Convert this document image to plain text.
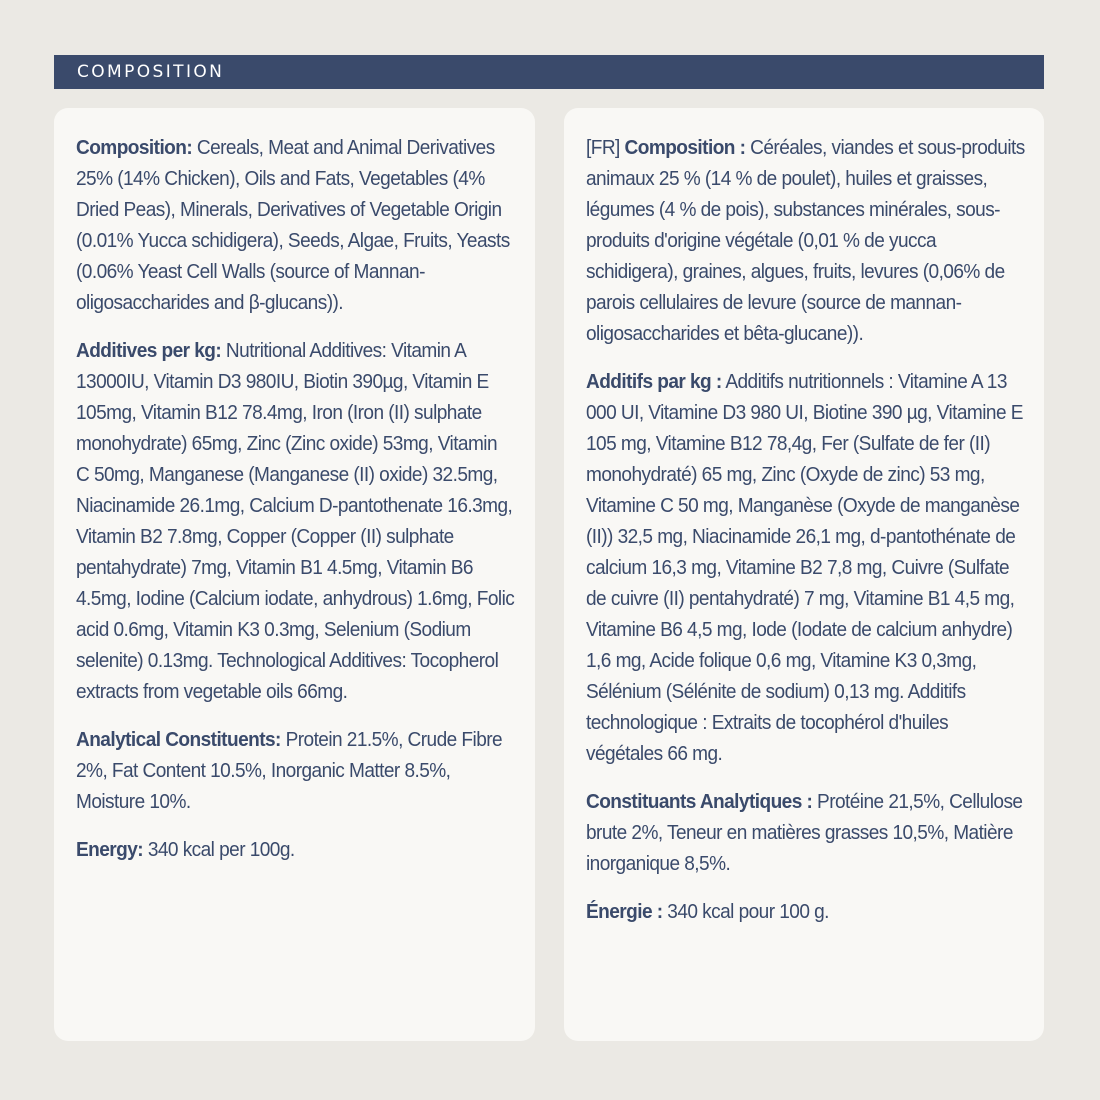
COMPOSITION

Composition: Cereals, Meat and Animal Derivatives 25% (14% Chicken), Oils and Fats, Vegetables (4% Dried Peas), Minerals, Derivatives of Vegetable Origin (0.01% Yucca schidigera), Seeds, Algae, Fruits, Yeasts (0.06% Yeast Cell Walls (source of Mannan-oligosaccharides and β-glucans)).

Additives per kg: Nutritional Additives: Vitamin A 13000IU, Vitamin D3 980IU, Biotin 390µg, Vitamin E 105mg, Vitamin B12 78.4mg, Iron (Iron (II) sulphate monohydrate) 65mg, Zinc (Zinc oxide) 53mg, Vitamin C 50mg, Manganese (Manganese (II) oxide) 32.5mg, Niacinamide 26.1mg, Calcium D-pantothenate 16.3mg, Vitamin B2 7.8mg, Copper (Copper (II) sulphate pentahydrate) 7mg, Vitamin B1 4.5mg, Vitamin B6 4.5mg, Iodine (Calcium iodate, anhydrous) 1.6mg, Folic acid 0.6mg, Vitamin K3 0.3mg, Selenium (Sodium selenite) 0.13mg. Technological Additives: Tocopherol extracts from vegetable oils 66mg.

Analytical Constituents: Protein 21.5%, Crude Fibre 2%, Fat Content 10.5%, Inorganic Matter 8.5%, Moisture 10%.

Energy: 340 kcal per 100g.

[FR] Composition : Céréales, viandes et sous-produits animaux 25 % (14 % de poulet), huiles et graisses, légumes (4 % de pois), substances minérales, sous-produits d'origine végétale (0,01 % de yucca schidigera), graines, algues, fruits, levures (0,06% de parois cellulaires de levure (source de mannan-oligosaccharides et bêta-glucane)).

Additifs par kg : Additifs nutritionnels : Vitamine A 13 000 UI, Vitamine D3 980 UI, Biotine 390 µg, Vitamine E 105 mg, Vitamine B12 78,4g, Fer (Sulfate de fer (II) monohydraté) 65 mg, Zinc (Oxyde de zinc) 53 mg, Vitamine C 50 mg, Manganèse (Oxyde de manganèse (II)) 32,5 mg, Niacinamide 26,1 mg, d-pantothénate de calcium 16,3 mg, Vitamine B2 7,8 mg, Cuivre (Sulfate de cuivre (II) pentahydraté) 7 mg, Vitamine B1 4,5 mg, Vitamine B6 4,5 mg, Iode (Iodate de calcium anhydre) 1,6 mg, Acide folique 0,6 mg, Vitamine K3 0,3mg, Sélénium (Sélénite de sodium) 0,13 mg. Additifs technologique : Extraits de tocophérol d'huiles végétales 66 mg.

Constituants Analytiques : Protéine 21,5%, Cellulose brute 2%, Teneur en matières grasses 10,5%, Matière inorganique 8,5%.

Énergie : 340 kcal pour 100 g.
